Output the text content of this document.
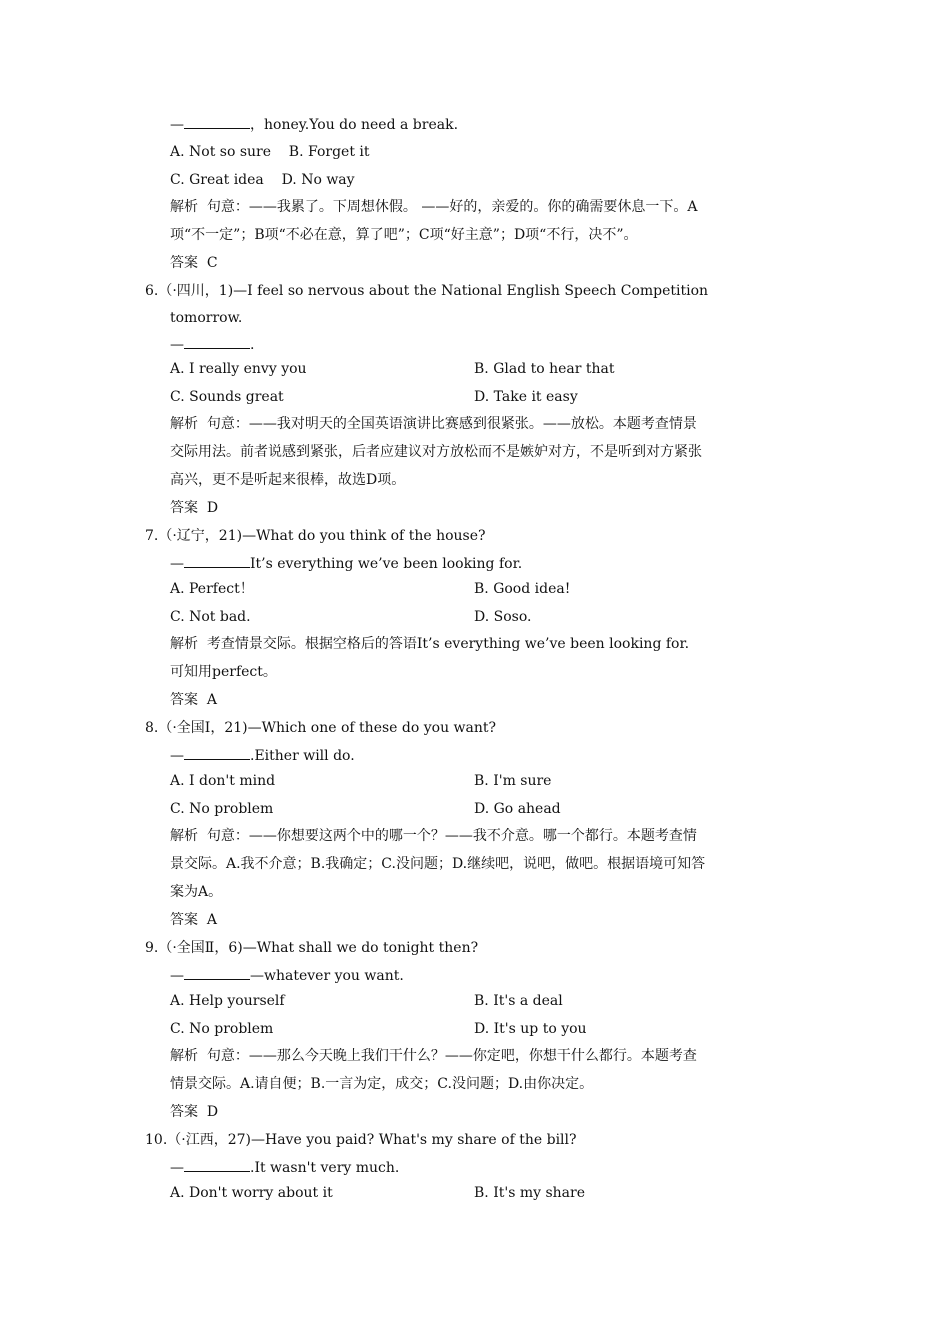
—	，honey.You do need a break.
A. Not so sure    B. Forget it
C. Great idea    D. No way
解析  句意：——我累了。下周想休假。 ——好的，亲爱的。你的确需要休息一下。A
项“不一定”；B项“不必在意，算了吧”；C项“好主意”；D项“不行，决不”。
答案  C
6.（·四川，1)—I feel so nervous about the National English Speech Competition
tomorrow.
—	.
A. I really envy you	B. Glad to hear that
C. Sounds great	D. Take it easy
解析  句意：——我对明天的全国英语演讲比赛感到很紧张。——放松。本题考查情景
交际用法。前者说感到紧张，后者应建议对方放松而不是嫉妒对方，不是听到对方紧张
高兴，更不是听起来很棒，故选D项。
答案  D
7.（·辽宁，21)—What do you think of the house?
—	It’s everything we’ve been looking for.
A. Perfect！	B. Good idea!
C. Not bad.	D. Soso.
解析  考查情景交际。根据空格后的答语It’s everything we’ve been looking for.
可知用perfect。
答案  A
8.（·全国Ⅰ，21)—Which one of these do you want?
—	.Either will do.
A. I don't mind	B. I'm sure
C. No problem	D. Go ahead
解析  句意：——你想要这两个中的哪一个？——我不介意。哪一个都行。本题考查情
景交际。A.我不介意；B.我确定；C.没问题；D.继续吧，说吧，做吧。根据语境可知答
案为A。
答案  A
9.（·全国Ⅱ，6)—What shall we do tonight then?
—	—whatever you want.
A. Help yourself	B. It's a deal
C. No problem	D. It's up to you
解析  句意：——那么今天晚上我们干什么？——你定吧，你想干什么都行。本题考查
情景交际。A.请自便；B.一言为定，成交；C.没问题；D.由你决定。
答案  D
10.（·江西，27)—Have you paid? What's my share of the bill?
—	.It wasn't very much.
A. Don't worry about it	B. It's my share
